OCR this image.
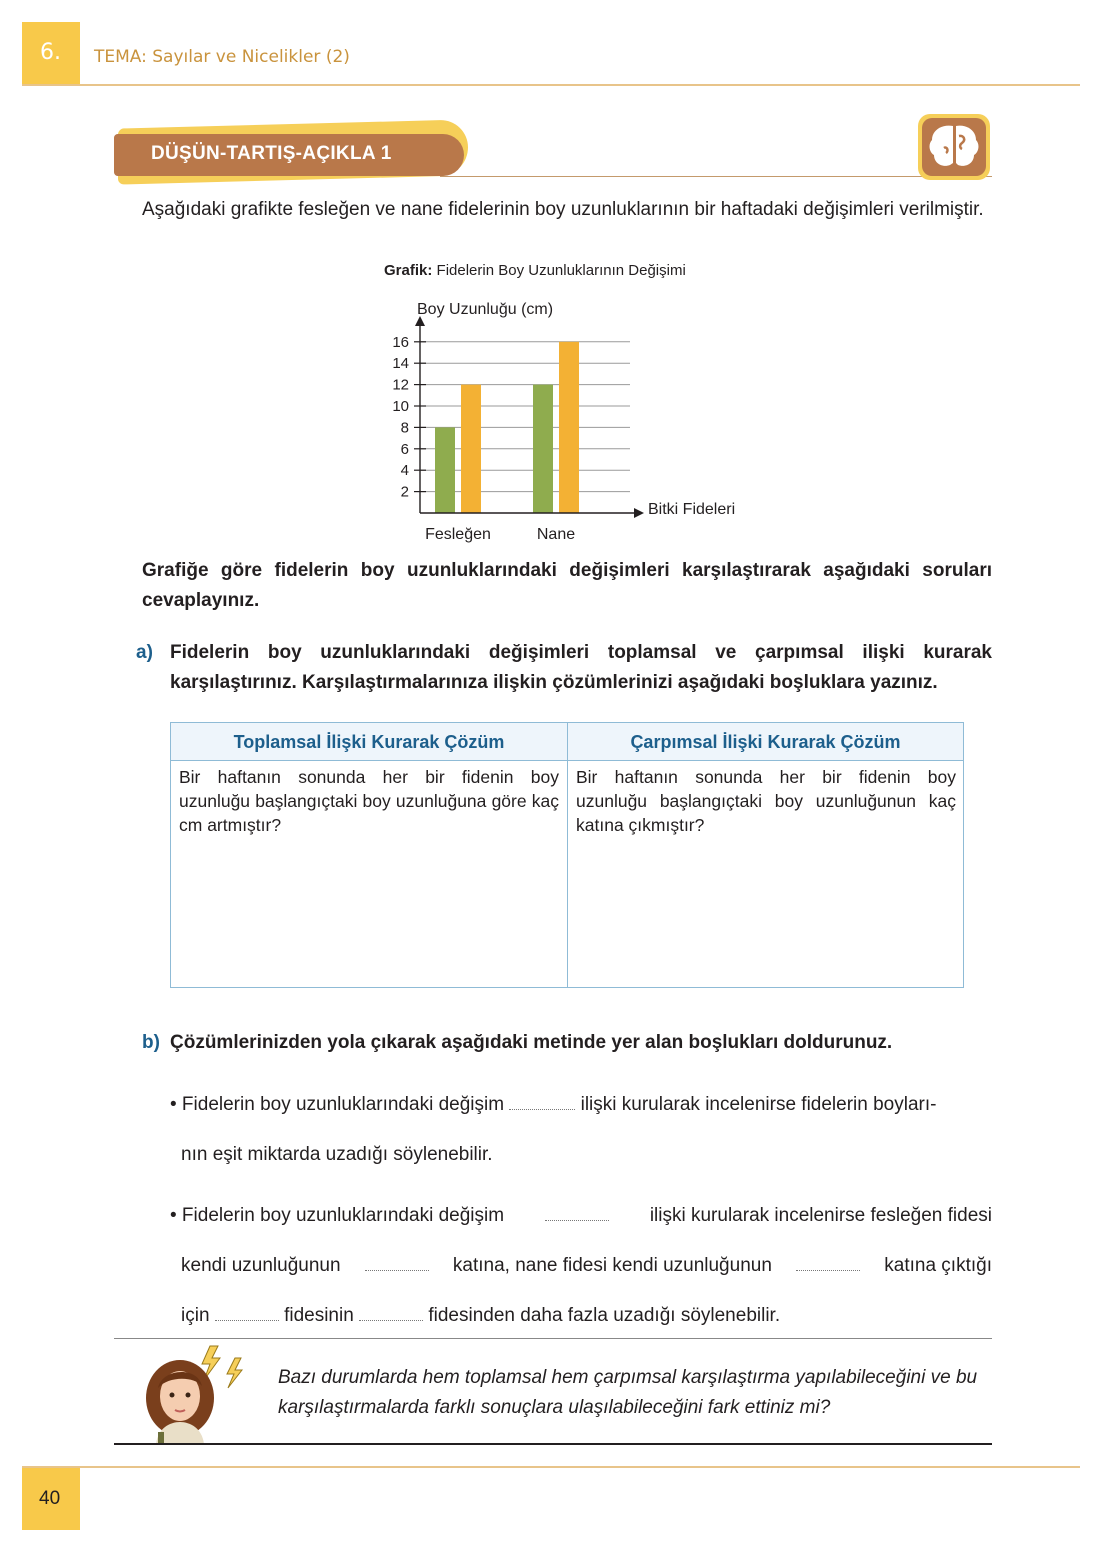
6. TEMA: Sayılar ve Nicelikler (2)
DÜŞÜN-TARTIŞ-AÇIKLA 1
Aşağıdaki grafikte fesleğen ve nane fidelerinin boy uzunluklarının bir haftadaki değişimleri verilmiştir.
Grafik: Fidelerin Boy Uzunluklarının Değişimi
2
4
6
8
10
12
14
16
Fesleğen	Nane
Boy Uzunluğu (cm)
Bitki Fideleri
Grafiğe göre fidelerin boy uzunluklarındaki değişimleri karşılaştırarak aşağıdaki soruları cevaplayınız.
a) Fidelerin boy uzunluklarındaki değişimleri toplamsal ve çarpımsal ilişki kurarak karşılaştırınız. Karşılaştırmalarınıza ilişkin çözümlerinizi aşağıdaki boşluklara yazınız.
Toplamsal İlişki Kurarak Çözüm	Çarpımsal İlişki Kurarak Çözüm
Bir haftanın sonunda her bir fidenin boy uzunluğu başlangıçtaki boy uzunluğuna göre kaç cm artmıştır?
Bir haftanın sonunda her bir fidenin boy uzunluğu başlangıçtaki boy uzunluğunun kaç katına çıkmıştır?
b) Çözümlerinizden yola çıkarak aşağıdaki metinde yer alan boşlukları doldurunuz.
• Fidelerin boy uzunluklarındaki değişim	ilişki kurularak incelenirse fidelerin boyları-
nın eşit miktarda uzadığı söylenebilir.
• Fidelerin boy uzunluklarındaki değişim	ilişki kurularak incelenirse fesleğen fidesi
kendi uzunluğunun	katına, nane fidesi kendi uzunluğunun	katına çıktığı
için	fidesinin	fidesinden daha fazla uzadığı söylenebilir.
Bazı durumlarda hem toplamsal hem çarpımsal karşılaştırma yapılabileceğini ve bu karşılaştırmalarda farklı sonuçlara ulaşılabileceğini fark ettiniz mi?
40
